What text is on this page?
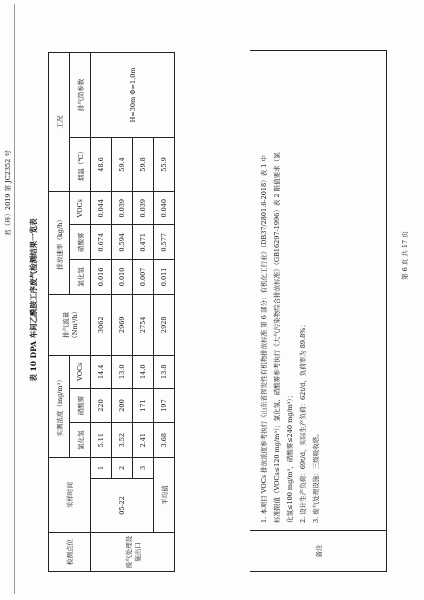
君（环）2019 第 JC2352 号
第 6 页 共 17 页
表 10 DPA 车间乙酰胺工序废气检测结果一览表
检测点位	采样时间		实测浓度（mg/m³）			排气流量（Nm³/h）	排放速率（kg/h）			工况	
			氯化氢	硝酸雾	VOCs		氯化氢	硝酸雾	VOCs	烟温（℃）	排气筒参数
废气处理设施出口	05-22	1	5.11	220	14.4	3062	0.016	0.674	0.044	48.6	H=30m Φ=1.0m
		2	3.52	200	13.0	2969	0.010	0.594	0.039	59.4	
		3	2.41	171	14.0	2754	0.007	0.471	0.039	59.8	
	平均值		3.68	197	13.8	2928	0.011	0.577	0.040	55.9	
备注
1. 本项目 VOCs 排放浓度参考执行《山东省挥发性有机物排放标准 第 6 部分：有机化工行业》（DB37/2801.6-2018）表 1 中 标准限值（VOCs≤120 mg/m³）；氯化氢、硝酸雾参考执行《大气污染物综合排放标准》（GB16297-1996）表 2 限值要求（氯 化氢≤100 mg/m³，硝酸雾≤240 mg/m³）； 2. 设计生产负荷：69t/d，实际生产负荷：62t/d，负荷率为 89.8%； 3. 废气处理设施：三级吸收塔。
